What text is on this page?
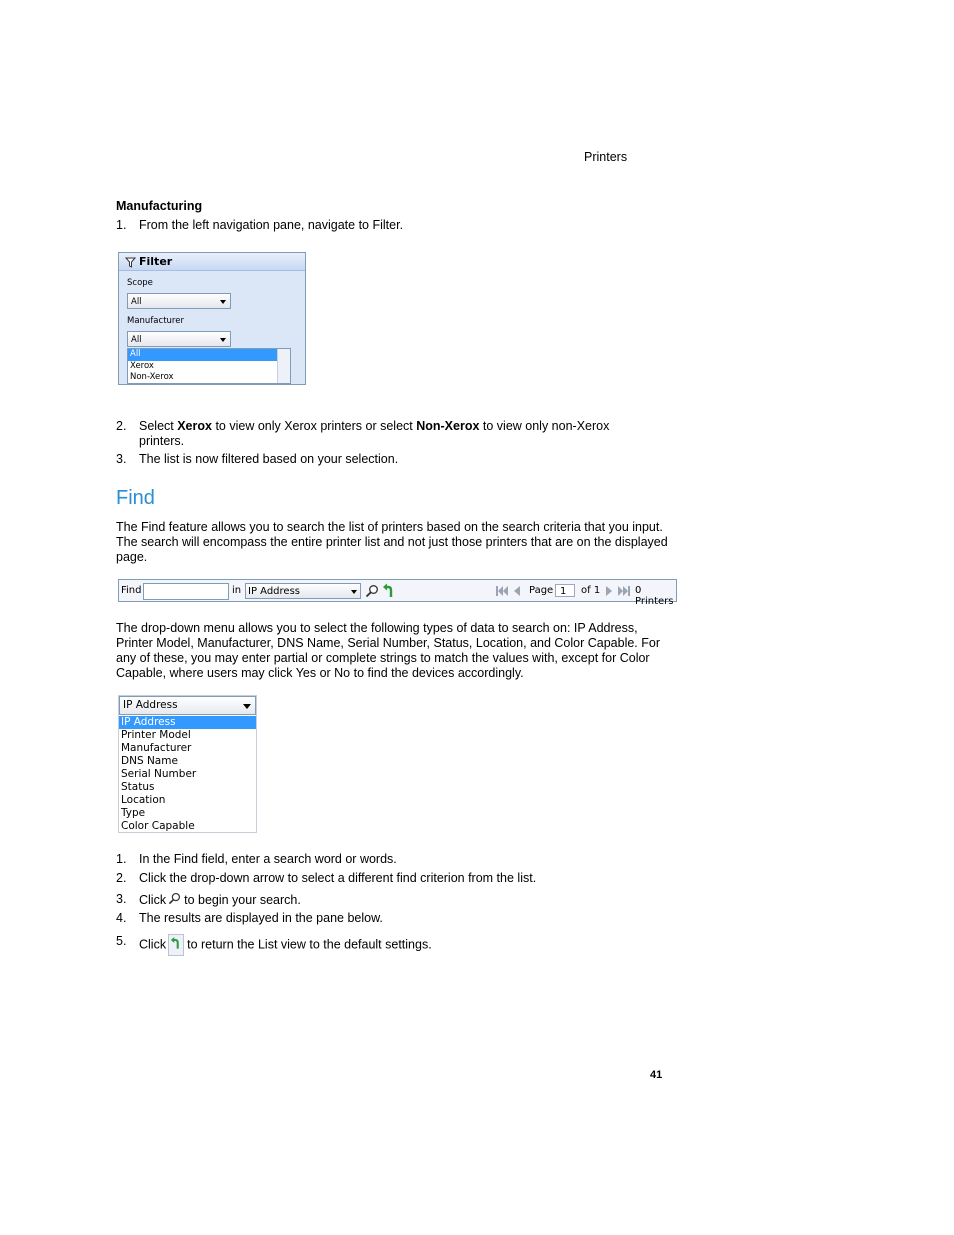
Printers
Manufacturing
1.	From the left navigation pane, navigate to Filter.
Filter
Scope
All
Manufacturer
All
All
Xerox
Non-Xerox
2.	Select Xerox to view only Xerox printers or select Non-Xerox to view only non-Xerox printers.
3.	The list is now filtered based on your selection.
Find
The Find feature allows you to search the list of printers based on the search criteria that you input. The search will encompass the entire printer list and not just those printers that are on the displayed page.
Find	in IP Address	Page 1	of 1	0 Printers
The drop-down menu allows you to select the following types of data to search on: IP Address, Printer Model, Manufacturer, DNS Name, Serial Number, Status, Location, and Color Capable. For any of these, you may enter partial or complete strings to match the values with, except for Color Capable, where users may click Yes or No to find the devices accordingly.
IP Address
IP Address
Printer Model
Manufacturer
DNS Name
Serial Number
Status
Location
Type
Color Capable
1.	In the Find field, enter a search word or words.
2.	Click the drop-down arrow to select a different find criterion from the list.
3.	Click to begin your search.
4.	The results are displayed in the pane below.
5.	Click to return the List view to the default settings.
41
